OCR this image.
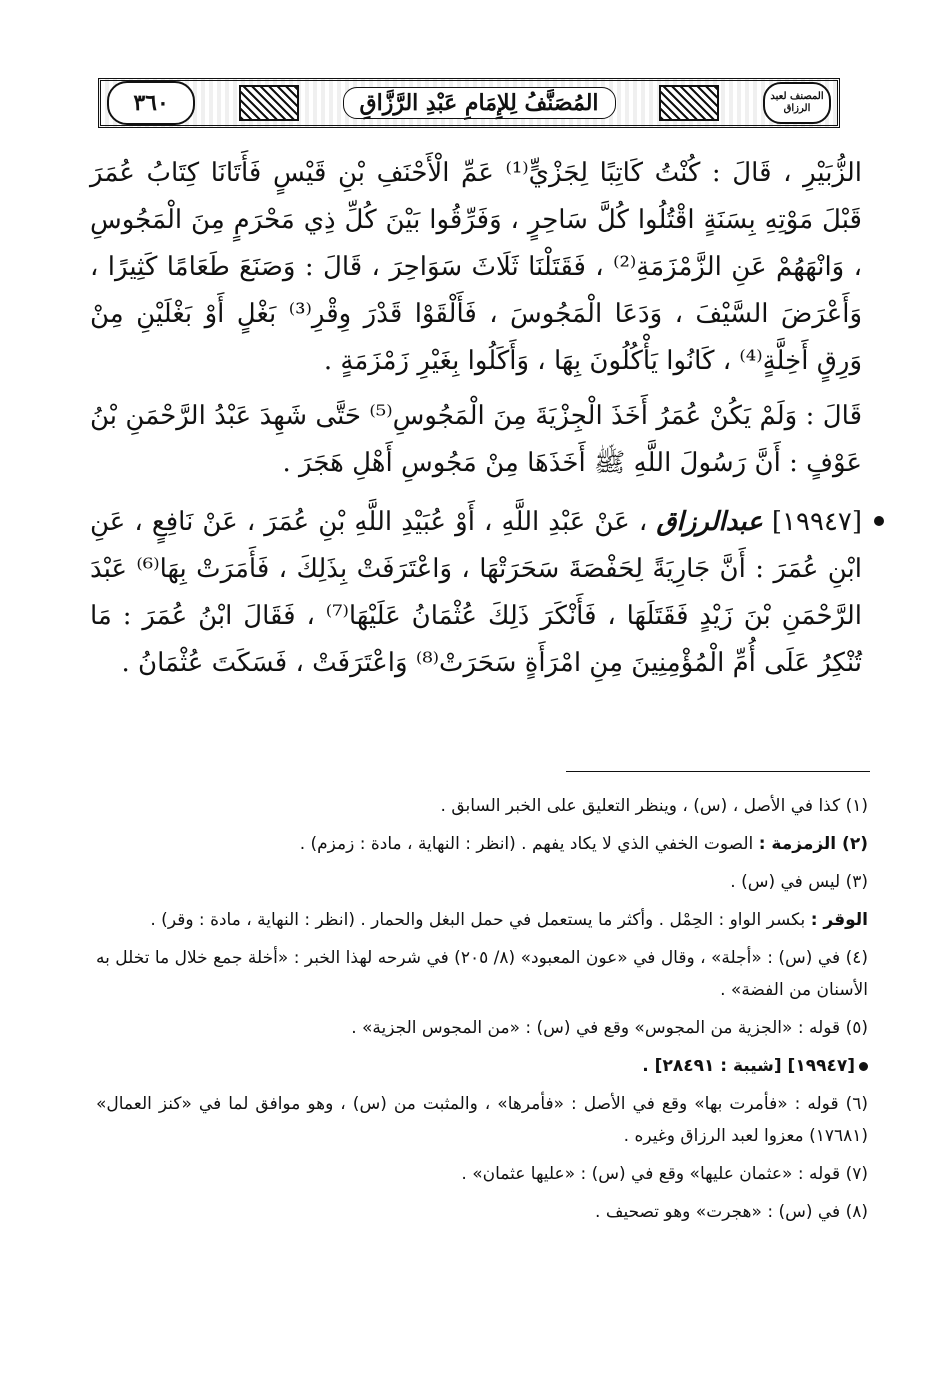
المصنف لعبد الرزاق
المُصَنَّفُ لِلإِمَامِ عَبْدِ الرَّزَّاقِ
٣٦٠

الزُّبَيْرِ ، قَالَ : كُنْتُ كَاتِبًا لِجَزْيٍّ⁽¹⁾ عَمِّ الْأَحْنَفِ بْنِ قَيْسٍ فَأَتَانَا كِتَابُ عُمَرَ قَبْلَ مَوْتِهِ بِسَنَةٍ اقْتُلُوا كُلَّ سَاحِرٍ ، وَفَرِّقُوا بَيْنَ كُلِّ ذِي مَحْرَمٍ مِنَ الْمَجُوسِ ، وَانْهَهُمْ عَنِ الزَّمْزَمَةِ⁽²⁾ ، فَقَتَلْنَا ثَلَاثَ سَوَاحِرَ ، قَالَ : وَصَنَعَ طَعَامًا كَثِيرًا ، وَأَعْرَضَ السَّيْفَ ، وَدَعَا الْمَجُوسَ ، فَأَلْقَوْا قَدْرَ وِقْرِ⁽³⁾ بَغْلٍ أَوْ بَغْلَيْنِ مِنْ وَرِقٍ أَخِلَّةٍ⁽⁴⁾ ، كَانُوا يَأْكُلُونَ بِهَا ، وَأَكَلُوا بِغَيْرِ زَمْزَمَةٍ .

قَالَ : وَلَمْ يَكُنْ عُمَرُ أَخَذَ الْجِزْيَةَ مِنَ الْمَجُوسِ⁽⁵⁾ حَتَّى شَهِدَ عَبْدُ الرَّحْمَنِ بْنُ عَوْفٍ : أَنَّ رَسُولَ اللَّهِ ﷺ أَخَذَهَا مِنْ مَجُوسِ أَهْلِ هَجَرَ .

[١٩٩٤٧] عبدالرزاق ، عَنْ عَبْدِ اللَّهِ ، أَوْ عُبَيْدِ اللَّهِ بْنِ عُمَرَ ، عَنْ نَافِعٍ ، عَنِ ابْنِ عُمَرَ : أَنَّ جَارِيَةً لِحَفْصَةَ سَحَرَتْهَا ، وَاعْتَرَفَتْ بِذَلِكَ ، فَأَمَرَتْ بِهَا⁽⁶⁾ عَبْدَ الرَّحْمَنِ بْنَ زَيْدٍ فَقَتَلَهَا ، فَأَنْكَرَ ذَلِكَ عُثْمَانُ عَلَيْهَا⁽⁷⁾ ، فَقَالَ ابْنُ عُمَرَ : مَا تُنْكِرُ عَلَى أُمِّ الْمُؤْمِنِينَ مِنِ امْرَأَةٍ سَحَرَتْ⁽⁸⁾ وَاعْتَرَفَتْ ، فَسَكَتَ عُثْمَانُ .

(١) كذا في الأصل ، (س) ، وينظر التعليق على الخبر السابق .

(٢) الزمزمة : الصوت الخفي الذي لا يكاد يفهم . (انظر : النهاية ، مادة : زمزم) .

(٣) ليس في (س) .

الوقر : بكسر الواو : الحِمْل . وأكثر ما يستعمل في حمل البغل والحمار . (انظر : النهاية ، مادة : وقر) .

(٤) في (س) : «أجلة» ، وقال في «عون المعبود» (٨/ ٢٠٥) في شرحه لهذا الخبر : «أخلة جمع خلال ما تخلل به الأسنان من الفضة» .

(٥) قوله : «الجزية من المجوس» وقع في (س) : «من المجوس الجزية» .

[١٩٩٤٧] [شيبة : ٢٨٤٩١] .

(٦) قوله : «فأمرت بها» وقع في الأصل : «فأمرها» ، والمثبت من (س) ، وهو موافق لما في «كنز العمال» (١٧٦٨١) معزوا لعبد الرزاق وغيره .

(٧) قوله : «عثمان عليها» وقع في (س) : «عليها عثمان» .

(٨) في (س) : «هجرت» وهو تصحيف .
